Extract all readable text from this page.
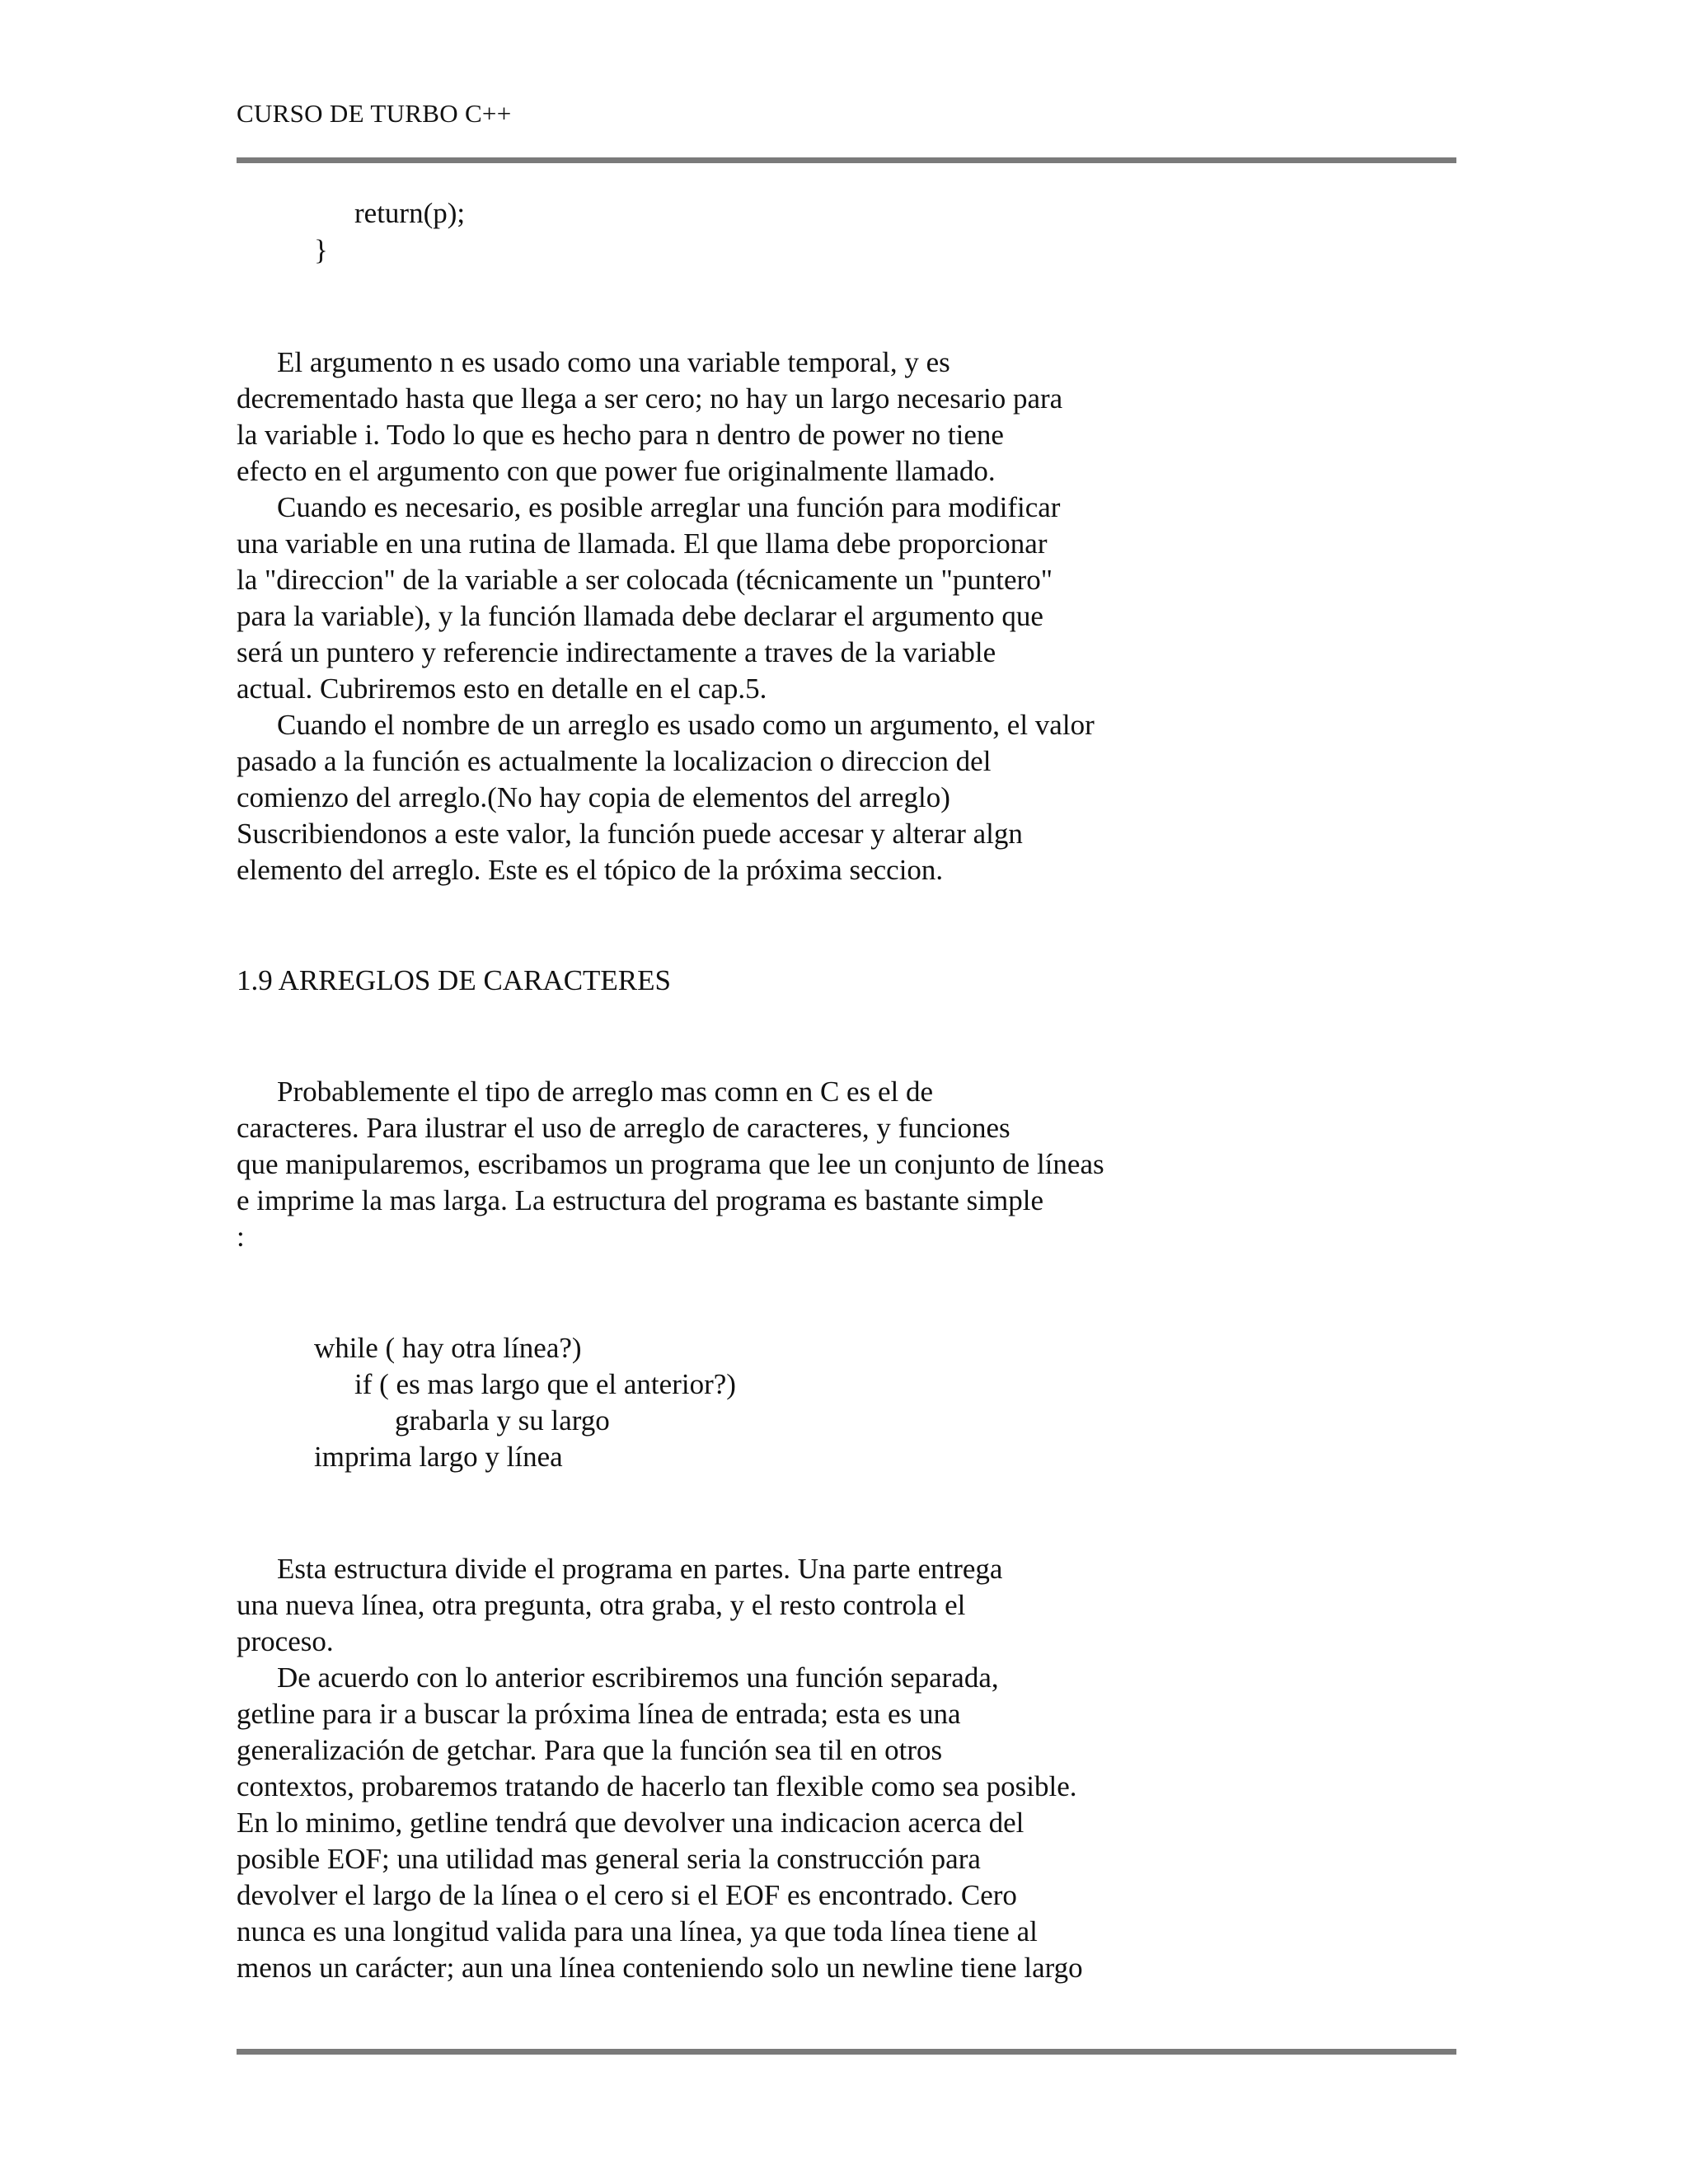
CURSO DE TURBO C++
return(p);
}
El argumento n es usado como una variable temporal, y es
decrementado hasta que llega a ser cero; no hay un largo necesario para
la variable i. Todo lo que es hecho para n dentro de power no tiene
efecto en el argumento con que power fue originalmente llamado.
Cuando es necesario, es posible arreglar una función para modificar
una variable en una rutina de llamada. El que llama debe proporcionar
la "direccion" de la variable a ser colocada (técnicamente un "puntero"
para la variable), y la función llamada debe declarar el argumento que
será un puntero y referencie indirectamente a traves de la variable
actual. Cubriremos esto en detalle en el cap.5.
Cuando el nombre de un arreglo es usado como un argumento, el valor
pasado a la función es actualmente la localizacion o direccion del
comienzo del arreglo.(No hay copia de elementos del arreglo)
Suscribiendonos a este valor, la función puede accesar y alterar algn
elemento del arreglo. Este es el tópico de la próxima seccion.
1.9 ARREGLOS DE CARACTERES
Probablemente el tipo de arreglo mas comn en C es el de
caracteres. Para ilustrar el uso de arreglo de caracteres, y funciones
que manipularemos, escribamos un programa que lee un conjunto de líneas
e imprime la mas larga. La estructura del programa es bastante simple
:
while ( hay otra línea?)
if ( es mas largo que el anterior?)
grabarla y su largo
imprima largo y línea
Esta estructura divide el programa en partes. Una parte entrega
una nueva línea, otra pregunta, otra graba, y el resto controla el
proceso.
De acuerdo con lo anterior escribiremos una función separada,
getline para ir a buscar la próxima línea de entrada; esta es una
generalización de getchar. Para que la función sea til en otros
contextos, probaremos tratando de hacerlo tan flexible como sea posible.
En lo minimo, getline tendrá que devolver una indicacion acerca del
posible EOF; una utilidad mas general seria la construcción para
devolver el largo de la línea o el cero si el EOF es encontrado. Cero
nunca es una longitud valida para una línea, ya que toda línea tiene al
menos un carácter; aun una línea conteniendo solo un newline tiene largo
